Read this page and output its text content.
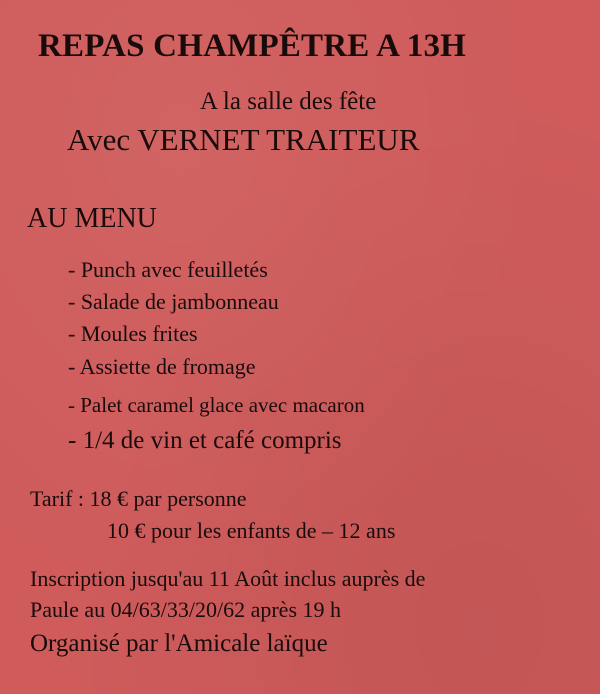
REPAS CHAMPÊTRE A 13H
A la salle des fête
Avec VERNET TRAITEUR
AU MENU
- Punch avec feuilletés
- Salade de jambonneau
- Moules frites
- Assiette de fromage
- Palet caramel glace avec macaron
- 1/4 de vin et café compris
Tarif : 18 € par personne
10 € pour les enfants de – 12 ans
Inscription jusqu'au 11 Août inclus auprès de
Paule au 04/63/33/20/62 après 19 h
Organisé par l'Amicale laïque
